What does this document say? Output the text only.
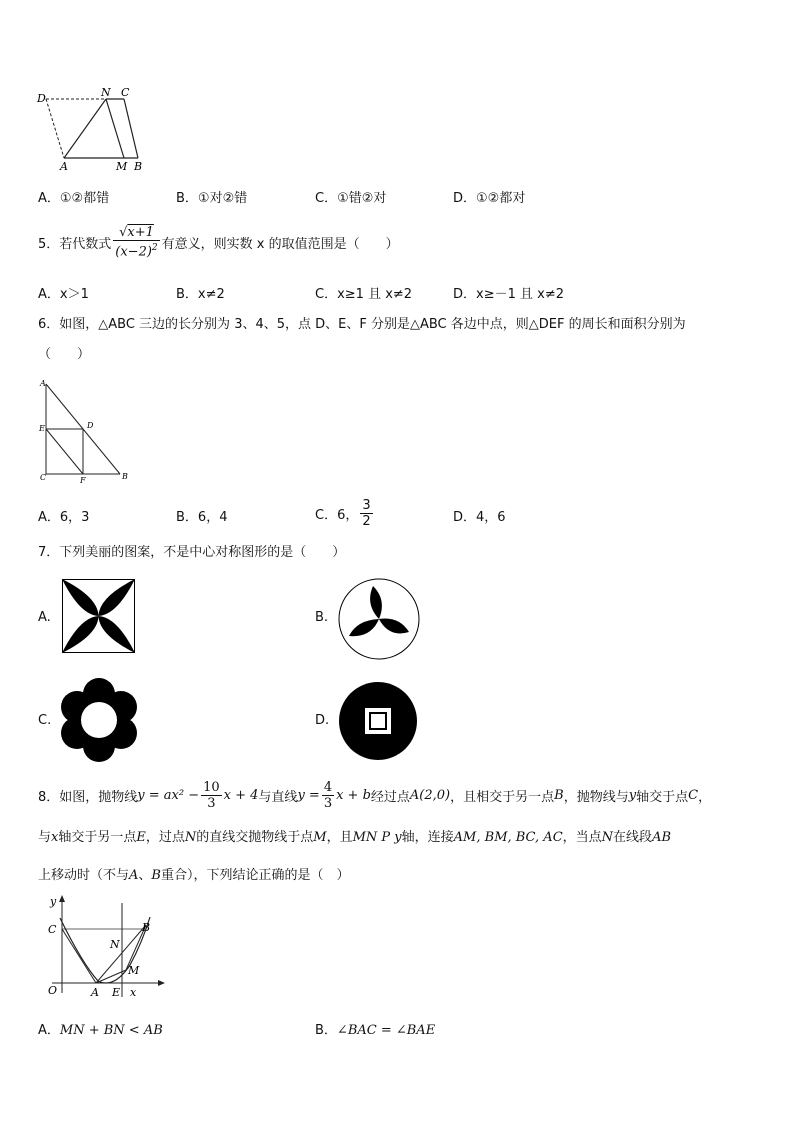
D	N C
A	M B
A．①②都错	B．①对②错	C．①错②对	D．①②都对
5．若代数式 $\frac{√x+1}{(x-2)^2}$ 有意义，则实数 x 的取值范围是（　　）
A．x＞1	B．x≠2	C．x≥1 且 x≠2	D．x≥－1 且 x≠2
6．如图，△ABC 三边的长分别为 3、4、5，点 D、E、F 分别是△ABC 各边中点，则△DEF 的周长和面积分别为
（　　）
A
E	D
C	F	B
A．6，3	B．6，4	C．6， $\frac{3}{2}$	D．4，6
7．下列美丽的图案，不是中心对称图形的是（　　）
A.	B.
C.	D.
8．如图，抛物线 $y = ax^2 - \frac{10}{3}$ x + 4 与直线 $y = \frac{4}{3}$ x + b 经过点 A(2,0) ，且相交于另一点 B ，抛物线与 y 轴交于点 C ，
与x轴交于另一点E，过点N的直线交抛物线于点M，且MN P y轴，连接AM, BM, BC, AC，当点N在线段AB
上移动时（不与A、B重合），下列结论正确的是（　）
y
C	B
N
M
O	A E x
A．MN + BN < AB	B．∠BAC = ∠BAE
